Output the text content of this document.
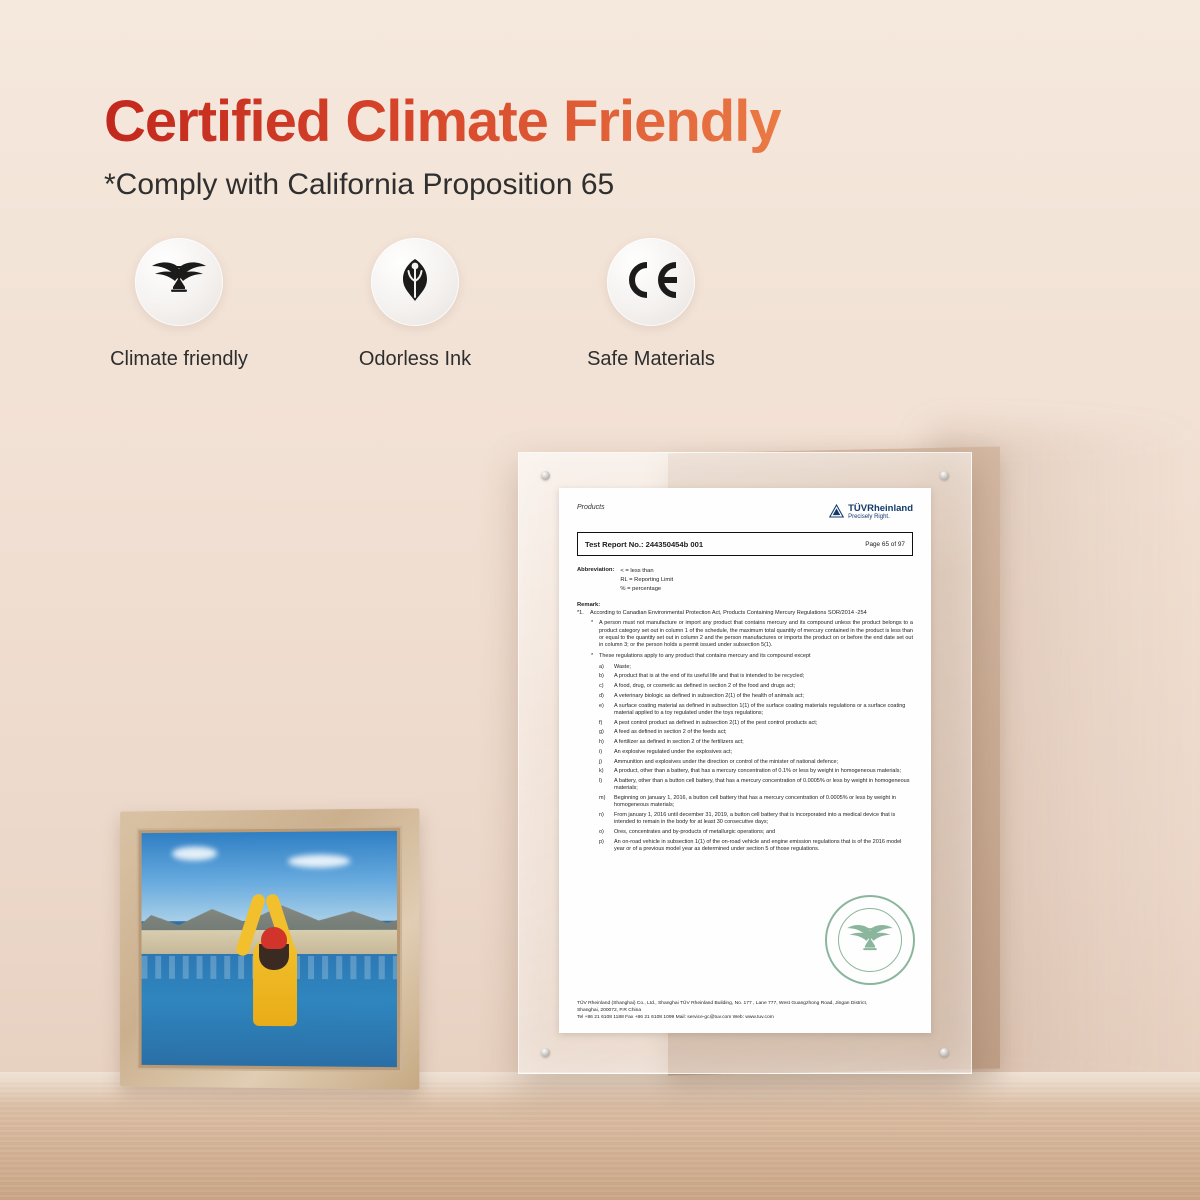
Certified Climate Friendly
*Comply with California Proposition 65
Climate friendly	Odorless Ink	Safe Materials
Products	TÜVRheinland
Precisely Right.
Test Report No.: 244350454b 001	Page 65 of 97
Abbreviation: < = less than
RL = Reporting Limit
% = percentage
Remark:
*1.	According to Canadian Environmental Protection Act, Products Containing Mercury Regulations SOR/2014 -254
* A person must not manufacture or import any product that contains mercury and its compound unless the product belongs to a product category set out in column 1 of the schedule, the maximum total quantity of mercury contained in the product is less than or equal to the quantity set out in column 2 and the person manufactures or imports the product on or before the end date set out in column 3; or the person holds a permit issued under subsection 5(1).
* These regulations apply to any product that contains mercury and its compound except
a)	Waste;
b)	A product that is at the end of its useful life and that is intended to be recycled;
c)	A food, drug, or cosmetic as defined in section 2 of the food and drugs act;
d)	A veterinary biologic as defined in subsection 2(1) of the health of animals act;
e)	A surface coating material as defined in subsection 1(1) of the surface coating materials regulations or a surface coating material applied to a toy regulated under the toys regulations;
f)	A pest control product as defined in subsection 2(1) of the pest control products act;
g)	A feed as defined in section 2 of the feeds act;
h)	A fertilizer as defined in section 2 of the fertilizers act;
i)	An explosive regulated under the explosives act;
j)	Ammunition and explosives under the direction or control of the minister of national defence;
k)	A product, other than a battery, that has a mercury concentration of 0.1% or less by weight in homogeneous materials;
l)	A battery, other than a button cell battery, that has a mercury concentration of 0.0005% or less by weight in homogeneous materials;
m)	Beginning on january 1, 2016, a button cell battery that has a mercury concentration of 0.0005% or less by weight in homogeneous materials;
n)	From january 1, 2016 until december 31, 2019, a button cell battery that is incorporated into a medical device that is intended to remain in the body for at least 30 consecutive days;
o)	Ores, concentrates and by-products of metallurgic operations; and
p)	An on-road vehicle in subsection 1(1) of the on-road vehicle and engine emission regulations that is of the 2016 model year or of a previous model year as determined under section 5 of those regulations.
TÜV Rheinland (Shanghai) Co., Ltd., Shanghai TÜV Rheinland Building, No. 177 , Lane 777, West Guangzhong Road, Jingan District,
Shanghai, 200072, P.R China
Tel +86 21 6108 1188 Fax +86 21 6108 1099 Mail: service-gc@tuv.com Web: www.tuv.com
